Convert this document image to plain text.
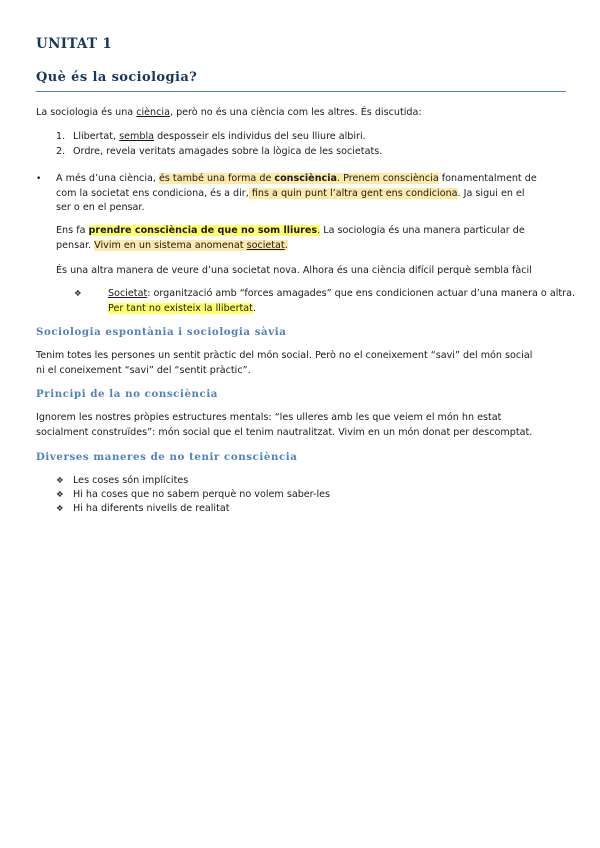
UNITAT 1
Què és la sociologia?
La sociologia és una ciència, però no és una ciència com les altres. És discutida:
1. Llibertat, sembla desposseir els individus del seu lliure albiri.
2. Ordre, revela veritats amagades sobre la lògica de les societats.
• A més d’una ciència, és també una forma de consciència. Prenem consciència fonamentalment de
com la societat ens condiciona, és a dir, fins a quin punt l’altra gent ens condiciona. Ja sigui en el
ser o en el pensar.
Ens fa prendre consciència de que no som lliures. La sociologia és una manera particular de
pensar. Vivim en un sistema anomenat societat.
És una altra manera de veure d’una societat nova. Alhora és una ciència difícil perquè sembla fàcil
❖	Societat: organització amb “forces amagades” que ens condicionen actuar d’una manera o altra.
Per tant no existeix la llibertat.
Sociologia espontània i sociologia sàvia
Tenim totes les persones un sentit pràctic del món social. Però no el coneixement “savi” del món social
ni el coneixement “savi” del “sentit pràctic”.
Principi de la no consciència
Ignorem les nostres pròpies estructures mentals: “les ulleres amb les que veiem el món hn estat
socialment construïdes”: món social que el tenim nautralitzat. Vivim en un món donat per descomptat.
Diverses maneres de no tenir consciència
❖ Les coses són implícites
❖ Hi ha coses que no sabem perquè no volem saber-les
❖ Hi ha diferents nivells de realitat
